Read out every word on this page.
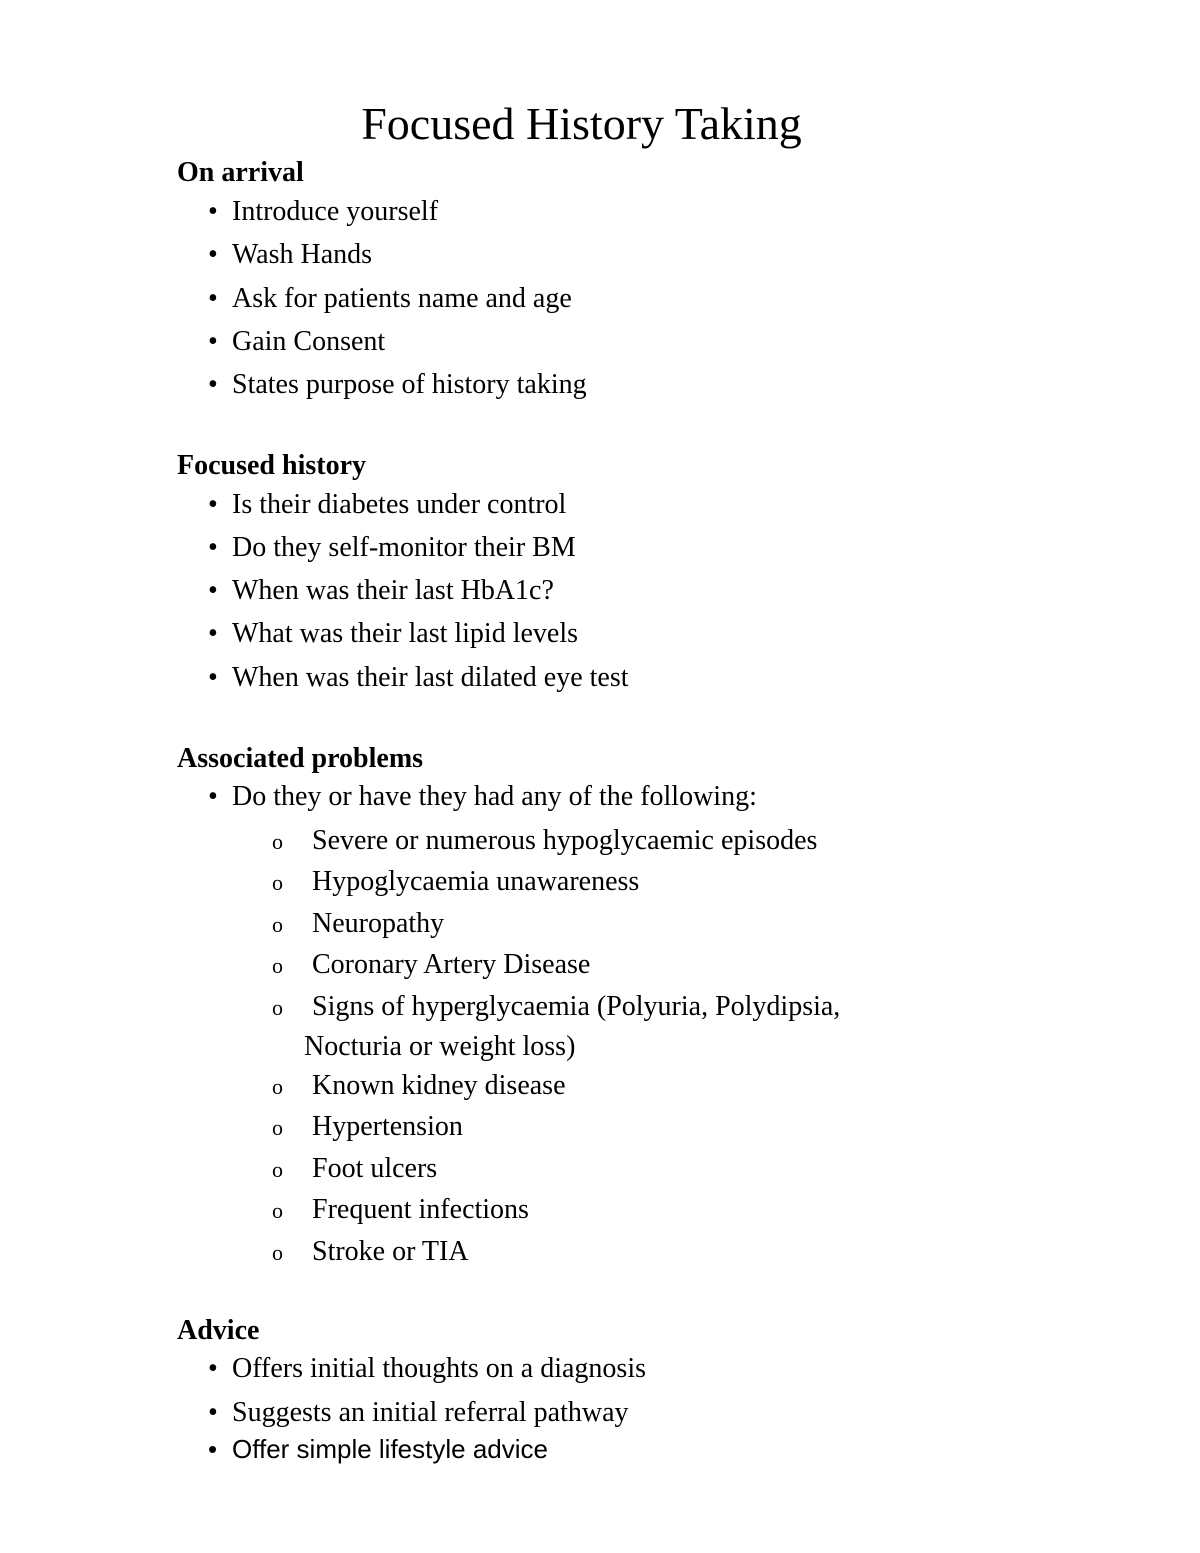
Focused History Taking
On arrival
• Introduce yourself
• Wash Hands
• Ask for patients name and age
• Gain Consent
• States purpose of history taking
Focused history
• Is their diabetes under control
• Do they self-monitor their BM
• When was their last HbA1c?
• What was their last lipid levels
• When was their last dilated eye test
Associated problems
• Do they or have they had any of the following:
o Severe or numerous hypoglycaemic episodes
o Hypoglycaemia unawareness
o Neuropathy
o Coronary Artery Disease
o Signs of hyperglycaemia (Polyuria, Polydipsia,
Nocturia or weight loss)
o Known kidney disease
o Hypertension
o Foot ulcers
o Frequent infections
o Stroke or TIA
Advice
• Offers initial thoughts on a diagnosis
• Suggests an initial referral pathway
• Offer simple lifestyle advice
